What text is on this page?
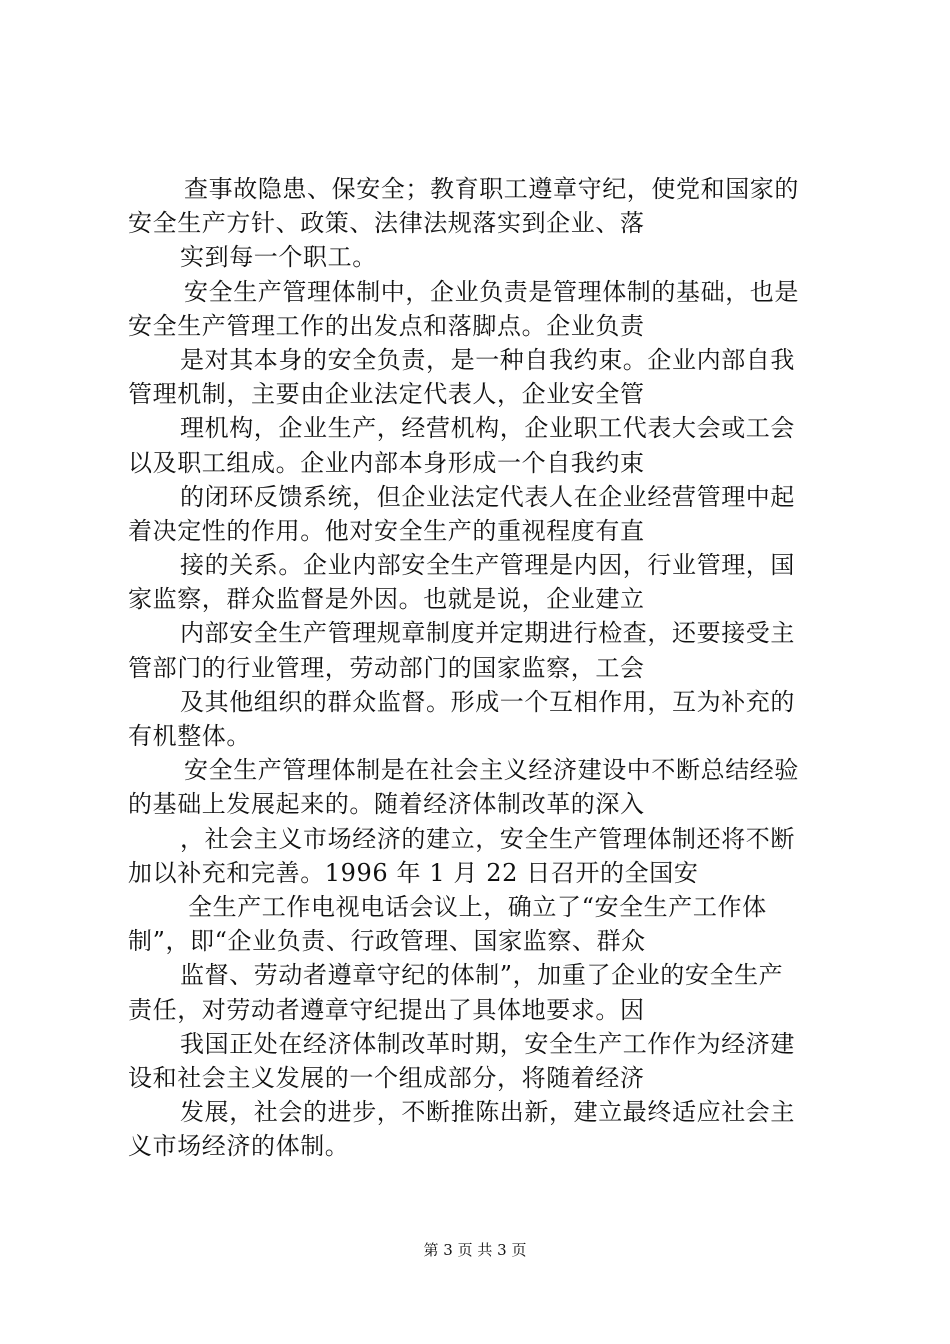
查事故隐患、保安全；教育职工遵章守纪，使党和国家的
安全生产方针、政策、法律法规落实到企业、落
实到每一个职工。
安全生产管理体制中，企业负责是管理体制的基础，也是
安全生产管理工作的出发点和落脚点。企业负责
是对其本身的安全负责，是一种自我约束。企业内部自我
管理机制，主要由企业法定代表人，企业安全管
理机构，企业生产，经营机构，企业职工代表大会或工会
以及职工组成。企业内部本身形成一个自我约束
的闭环反馈系统，但企业法定代表人在企业经营管理中起
着决定性的作用。他对安全生产的重视程度有直
接的关系。企业内部安全生产管理是内因，行业管理，国
家监察，群众监督是外因。也就是说，企业建立
内部安全生产管理规章制度并定期进行检查，还要接受主
管部门的行业管理，劳动部门的国家监察，工会
及其他组织的群众监督。形成一个互相作用，互为补充的
有机整体。
安全生产管理体制是在社会主义经济建设中不断总结经验
的基础上发展起来的。随着经济体制改革的深入
，社会主义市场经济的建立，安全生产管理体制还将不断
加以补充和完善。1996 年 1 月 22 日召开的全国安
全生产工作电视电话会议上，确立了“安全生产工作体
制”，即“企业负责、行政管理、国家监察、群众
监督、劳动者遵章守纪的体制”，加重了企业的安全生产
责任，对劳动者遵章守纪提出了具体地要求。因
我国正处在经济体制改革时期，安全生产工作作为经济建
设和社会主义发展的一个组成部分，将随着经济
发展，社会的进步，不断推陈出新，建立最终适应社会主
义市场经济的体制。
第 3 页 共 3 页
